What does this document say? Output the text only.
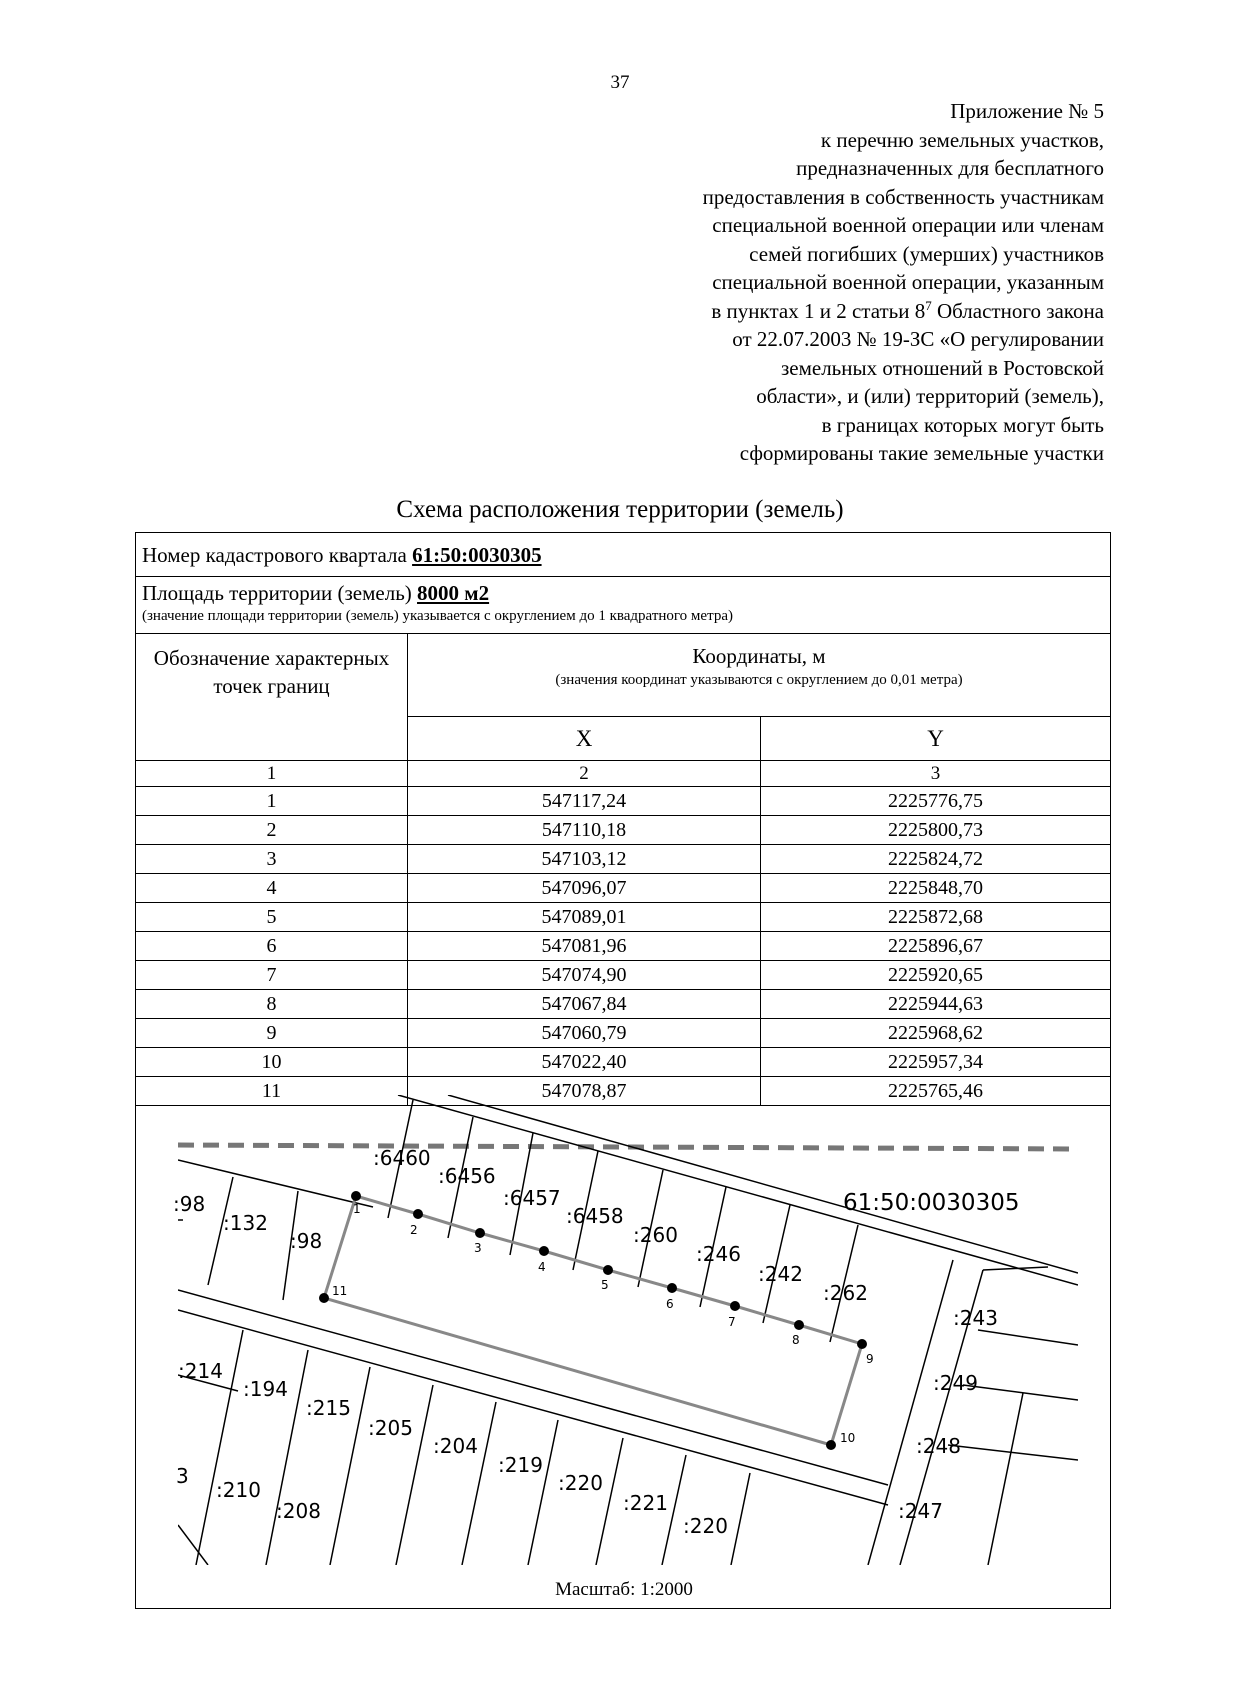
37
Приложение № 5
к перечню земельных участков,
предназначенных для бесплатного
предоставления в собственность участникам
специальной военной операции или членам
семей погибших (умерших) участников
специальной военной операции, указанным
в пунктах 1 и 2 статьи $8^7$ Областного закона
от 22.07.2003 № 19-ЗС «О регулировании
земельных отношений в Ростовской
области», и (или) территорий (земель),
в границах которых могут быть
сформированы такие земельные участки
Схема расположения территории (земель)
Номер кадастрового квартала 61:50:0030305
Площадь территории (земель) 8000 м2
(значение площади территории (земель) указывается с округлением до 1 квадратного метра)
Обозначение характерных точек границ	Координаты, м
(значения координат указываются с округлением до 0,01 метра)	

	X	Y
1	2	3
1	547117,24	2225776,75
2	547110,18	2225800,73
3	547103,12	2225824,72
4	547096,07	2225848,70
5	547089,01	2225872,68
6	547081,96	2225896,67
7	547074,90	2225920,65
8	547067,84	2225944,63
9	547060,79	2225968,62
10	547022,40	2225957,34
11	547078,87	2225765,46
1
2
3
4
5
6
7
8
9
10
11
61:50:0030305
:98
:132
:98
:6460
:6456
:6457
:6458
:260
:246
:242
:262
:243
:249
:248
:247
:214
:194
:215
:205
:204
:219
:220
:221
:220
:210
:208
3
Масштаб: 1:2000
